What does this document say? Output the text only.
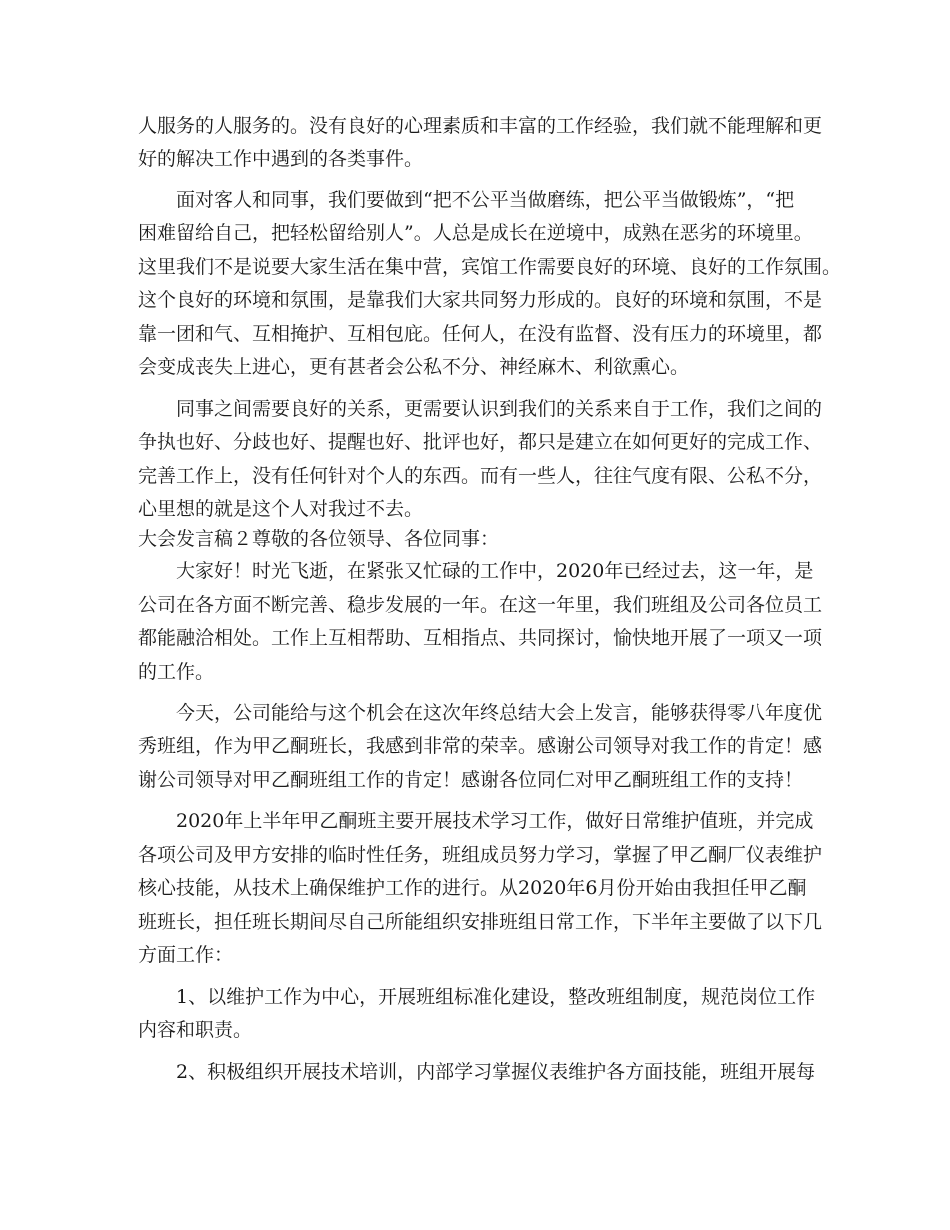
人服务的人服务的。没有良好的心理素质和丰富的工作经验，我们就不能理解和更
好的解决工作中遇到的各类事件。
面对客人和同事，我们要做到“把不公平当做磨练，把公平当做锻炼”，“把
困难留给自己，把轻松留给别人”。人总是成长在逆境中，成熟在恶劣的环境里。
这里我们不是说要大家生活在集中营，宾馆工作需要良好的环境、良好的工作氛围。
这个良好的环境和氛围，是靠我们大家共同努力形成的。良好的环境和氛围，不是
靠一团和气、互相掩护、互相包庇。任何人，在没有监督、没有压力的环境里，都
会变成丧失上进心，更有甚者会公私不分、神经麻木、利欲熏心。
同事之间需要良好的关系，更需要认识到我们的关系来自于工作，我们之间的
争执也好、分歧也好、提醒也好、批评也好，都只是建立在如何更好的完成工作、
完善工作上，没有任何针对个人的东西。而有一些人，往往气度有限、公私不分，
心里想的就是这个人对我过不去。
大会发言稿２尊敬的各位领导、各位同事：
大家好！时光飞逝，在紧张又忙碌的工作中，2020年已经过去，这一年，是
公司在各方面不断完善、稳步发展的一年。在这一年里，我们班组及公司各位员工
都能融洽相处。工作上互相帮助、互相指点、共同探讨，愉快地开展了一项又一项
的工作。
今天，公司能给与这个机会在这次年终总结大会上发言，能够获得零八年度优
秀班组，作为甲乙酮班长，我感到非常的荣幸。感谢公司领导对我工作的肯定！感
谢公司领导对甲乙酮班组工作的肯定！感谢各位同仁对甲乙酮班组工作的支持！
2020年上半年甲乙酮班主要开展技术学习工作，做好日常维护值班，并完成
各项公司及甲方安排的临时性任务，班组成员努力学习，掌握了甲乙酮厂仪表维护
核心技能，从技术上确保维护工作的进行。从2020年6月份开始由我担任甲乙酮
班班长，担任班长期间尽自己所能组织安排班组日常工作，下半年主要做了以下几
方面工作：
1、以维护工作为中心，开展班组标准化建设，整改班组制度，规范岗位工作
内容和职责。
2、积极组织开展技术培训，内部学习掌握仪表维护各方面技能，班组开展每
